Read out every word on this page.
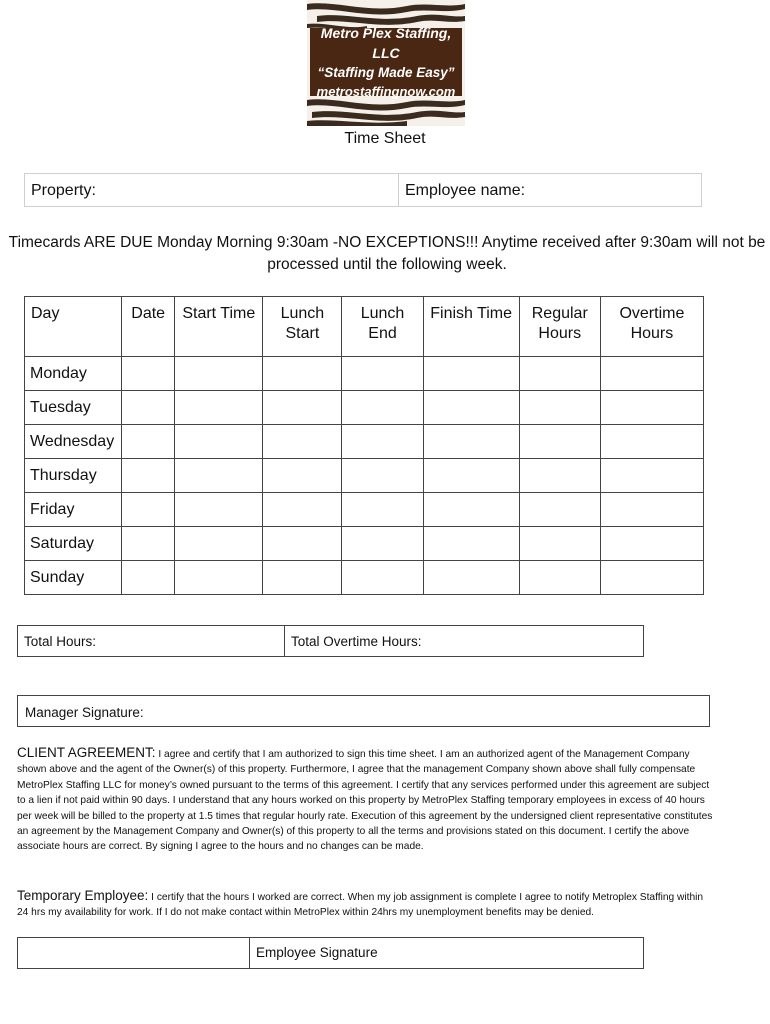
Metro Plex Staffing, LLC
“Staffing Made Easy”
metrostaffingnow.com
Time Sheet
Property:	Employee name:
Timecards ARE DUE Monday Morning 9:30am -NO EXCEPTIONS!!! Anytime received after 9:30am will not be processed until the following week.
Day	Date	Start Time	Lunch Start	Lunch End	Finish Time	Regular Hours	Overtime Hours
Monday							
Tuesday							
Wednesday							
Thursday							
Friday							
Saturday							
Sunday							
Total Hours:	Total Overtime Hours:
Manager Signature:
CLIENT AGREEMENT: I agree and certify that I am authorized to sign this time sheet. I am an authorized agent of the Management Company shown above and the agent of the Owner(s) of this property. Furthermore, I agree that the management Company shown above shall fully compensate MetroPlex Staffing LLC for money’s owned pursuant to the terms of this agreement. I certify that any services performed under this agreement are subject to a lien if not paid within 90 days. I understand that any hours worked on this property by MetroPlex Staffing temporary employees in excess of 40 hours per week will be billed to the property at 1.5 times that regular hourly rate. Execution of this agreement by the undersigned client representative constitutes an agreement by the Management Company and Owner(s) of this property to all the terms and provisions stated on this document. I certify the above associate hours are correct. By signing I agree to the hours and no changes can be made.
Temporary Employee: I certify that the hours I worked are correct. When my job assignment is complete I agree to notify Metroplex Staffing within 24 hrs my availability for work. If I do not make contact within MetroPlex within 24hrs my unemployment benefits may be denied.
Employee Signature
